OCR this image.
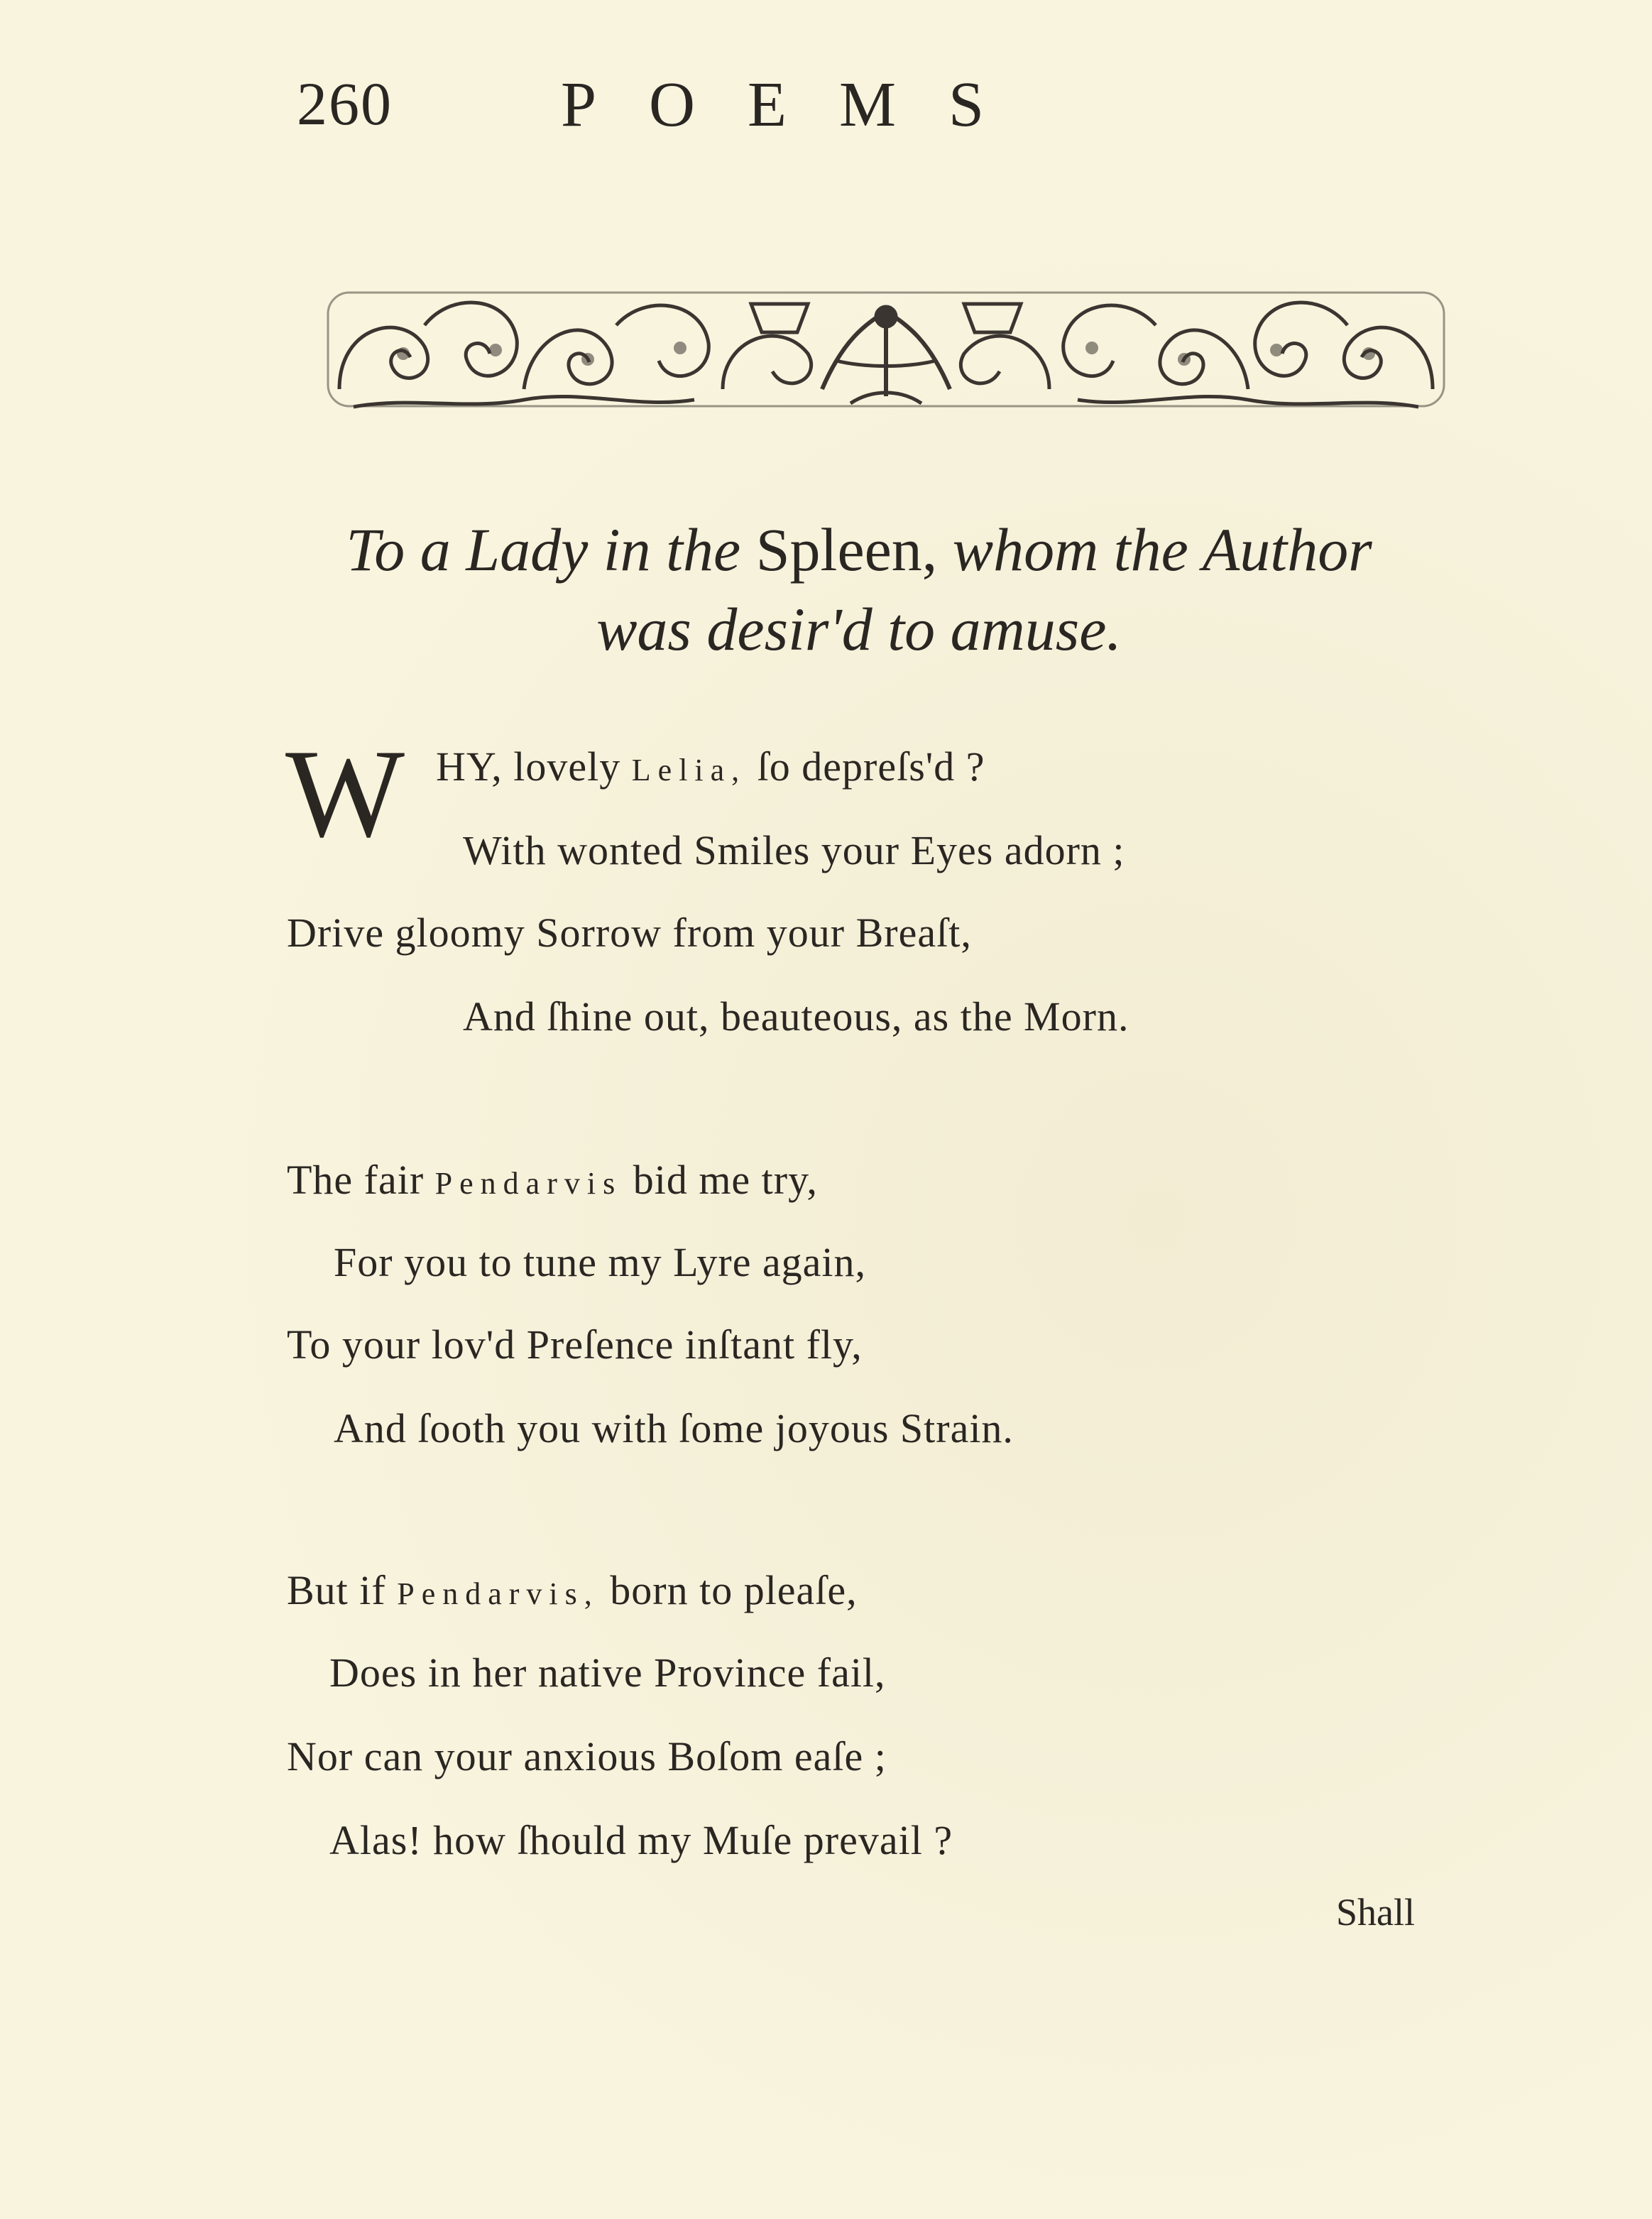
260	POEMS
To a Lady in the Spleen, whom the Author
was desir'd to amuse.
W HY, lovely Lelia, ſo depreſs'd ?
With wonted Smiles your Eyes adorn ;
Drive gloomy Sorrow from your Breaſt,
And ſhine out, beauteous, as the Morn.
The fair Pendarvis bid me try,
For you to tune my Lyre again,
To your lov'd Preſence inſtant fly,
And ſooth you with ſome joyous Strain.
But if Pendarvis, born to pleaſe,
Does in her native Province fail,
Nor can your anxious Boſom eaſe ;
Alas! how ſhould my Muſe prevail ?
Shall
